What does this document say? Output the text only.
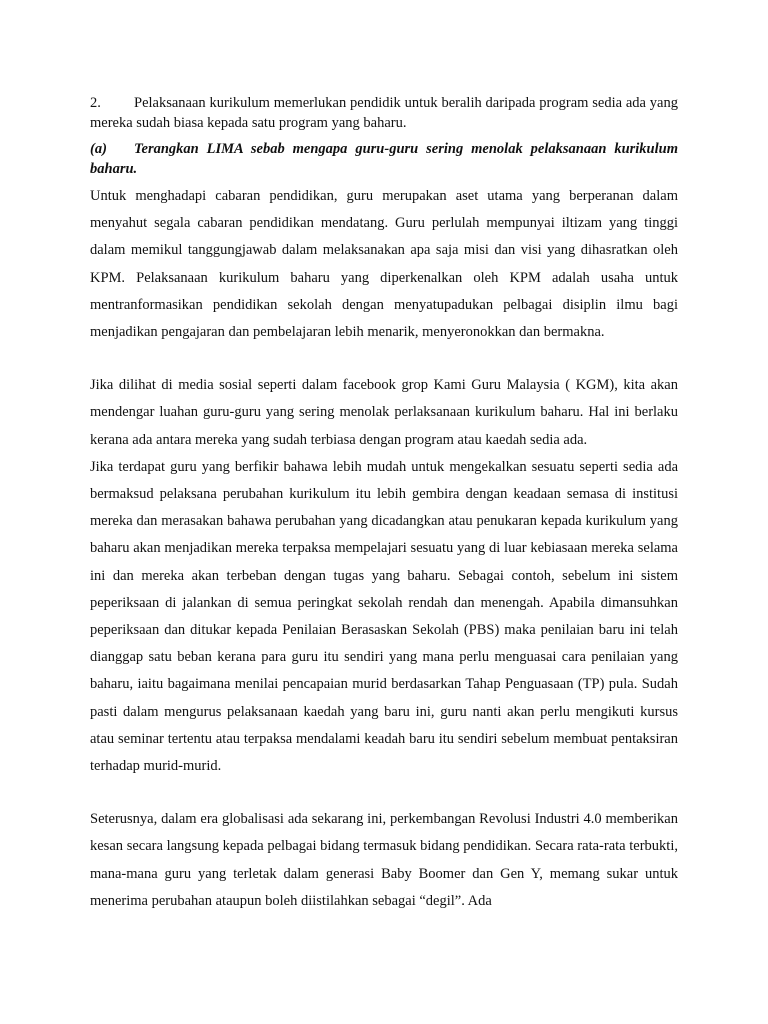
2. Pelaksanaan kurikulum memerlukan pendidik untuk beralih daripada program sedia ada yang mereka sudah biasa kepada satu program yang baharu.
(a) Terangkan LIMA sebab mengapa guru-guru sering menolak pelaksanaan kurikulum baharu.

Untuk menghadapi cabaran pendidikan, guru merupakan aset utama yang berperanan dalam menyahut segala cabaran pendidikan mendatang. Guru perlulah mempunyai iltizam yang tinggi dalam memikul tanggungjawab dalam melaksanakan apa saja misi dan visi yang dihasratkan oleh KPM. Pelaksanaan kurikulum baharu yang diperkenalkan oleh KPM adalah usaha untuk mentranformasikan pendidikan sekolah dengan menyatupadukan pelbagai disiplin ilmu bagi menjadikan pengajaran dan pembelajaran lebih menarik, menyeronokkan dan bermakna.

Jika dilihat di media sosial seperti dalam facebook grop Kami Guru Malaysia ( KGM), kita akan mendengar luahan guru-guru yang sering menolak perlaksanaan kurikulum baharu. Hal ini berlaku kerana ada antara mereka yang sudah terbiasa dengan program atau kaedah sedia ada.

Jika terdapat guru yang berfikir bahawa lebih mudah untuk mengekalkan sesuatu seperti sedia ada bermaksud pelaksana perubahan kurikulum itu lebih gembira dengan keadaan semasa di institusi mereka dan merasakan bahawa perubahan yang dicadangkan atau penukaran kepada kurikulum yang baharu akan menjadikan mereka terpaksa mempelajari sesuatu yang di luar kebiasaan mereka selama ini dan mereka akan terbeban dengan tugas yang baharu. Sebagai contoh, sebelum ini sistem peperiksaan di jalankan di semua peringkat sekolah rendah dan menengah. Apabila dimansuhkan peperiksaan dan ditukar kepada Penilaian Berasaskan Sekolah (PBS) maka penilaian baru ini telah dianggap satu beban kerana para guru itu sendiri yang mana perlu menguasai cara penilaian yang baharu, iaitu bagaimana menilai pencapaian murid berdasarkan Tahap Penguasaan (TP) pula. Sudah pasti dalam mengurus pelaksanaan kaedah yang baru ini, guru nanti akan perlu mengikuti kursus atau seminar tertentu atau terpaksa mendalami keadah baru itu sendiri sebelum membuat pentaksiran terhadap murid-murid.

Seterusnya, dalam era globalisasi ada sekarang ini, perkembangan Revolusi Industri 4.0 memberikan kesan secara langsung kepada pelbagai bidang termasuk bidang pendidikan. Secara rata-rata terbukti, mana-mana guru yang terletak dalam generasi Baby Boomer dan Gen Y, memang sukar untuk menerima perubahan ataupun boleh diistilahkan sebagai “degil”. Ada
